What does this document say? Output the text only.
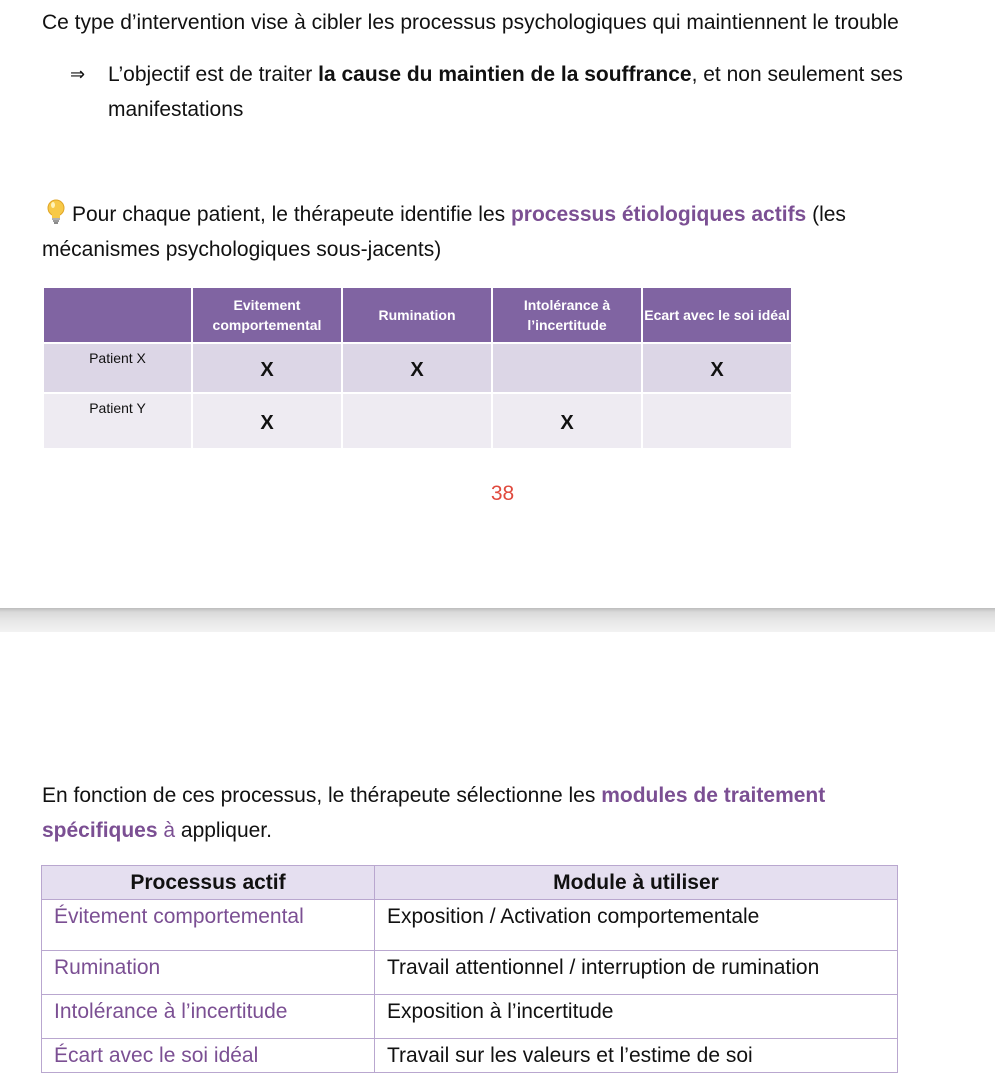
Ce type d’intervention vise à cibler les processus psychologiques qui maintiennent le trouble
⇒ L’objectif est de traiter la cause du maintien de la souffrance, et non seulement ses manifestations
Pour chaque patient, le thérapeute identifie les processus étiologiques actifs (les mécanismes psychologiques sous-jacents)
	Evitement comportemental	Rumination	Intolérance à l’incertitude	Ecart avec le soi idéal
Patient X	X	X		X
Patient Y	X		X	
38
En fonction de ces processus, le thérapeute sélectionne les modules de traitement spécifiques à appliquer.
Processus actif	Module à utiliser
Évitement comportemental	Exposition / Activation comportementale
Rumination	Travail attentionnel / interruption de rumination
Intolérance à l’incertitude	Exposition à l’incertitude
Écart avec le soi idéal	Travail sur les valeurs et l’estime de soi
